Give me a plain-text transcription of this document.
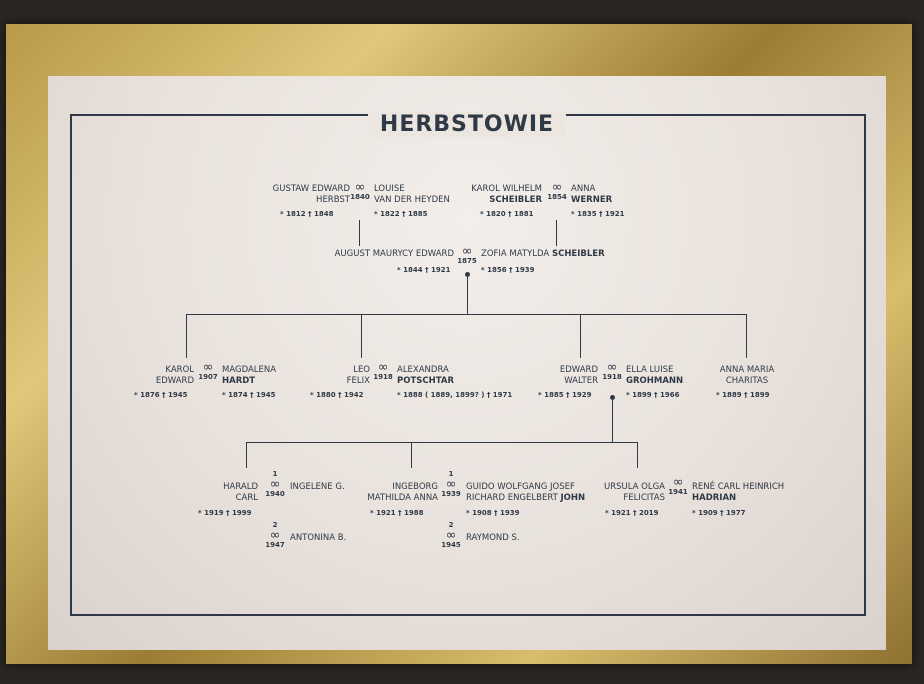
HERBSTOWIE
GUSTAW EDWARD
HERBST
* 1812 † 1848
∞
1840
LOUISE
VAN DER HEYDEN
* 1822 † 1885
KAROL WILHELM
SCHEIBLER
* 1820 † 1881
∞
1854
ANNA
WERNER
* 1835 † 1921
AUGUST MAURYCY EDWARD
* 1844 † 1921
∞
1875
ZOFIA MATYLDA SCHEIBLER
* 1856 † 1939
KAROL
EDWARD
* 1876 † 1945
∞
1907
MAGDALENA
HARDT
* 1874 † 1945
LEO
FELIX
* 1880 † 1942
∞
1918
ALEXANDRA
POTSCHTAR
* 1888 ( 1889, 1899? ) † 1971
EDWARD
WALTER
* 1885 † 1929
∞
1918
ELLA LUISE
GROHMANN
* 1899 † 1966
ANNA MARIA
CHARITAS
* 1889 † 1899
HARALD
CARL
* 1919 † 1999
1
∞
1940
INGELENE G.
2
∞
1947
ANTONINA B.
INGEBORG
MATHILDA ANNA
* 1921 † 1988
1
∞
1939
GUIDO WOLFGANG JOSEF
RICHARD ENGELBERT JOHN
* 1908 † 1939
2
∞
1945
RAYMOND S.
URSULA OLGA
FELICITAS
* 1921 † 2019
∞
1941 RENÉ CARL HEINRICH
HADRIAN
* 1909 † 1977
